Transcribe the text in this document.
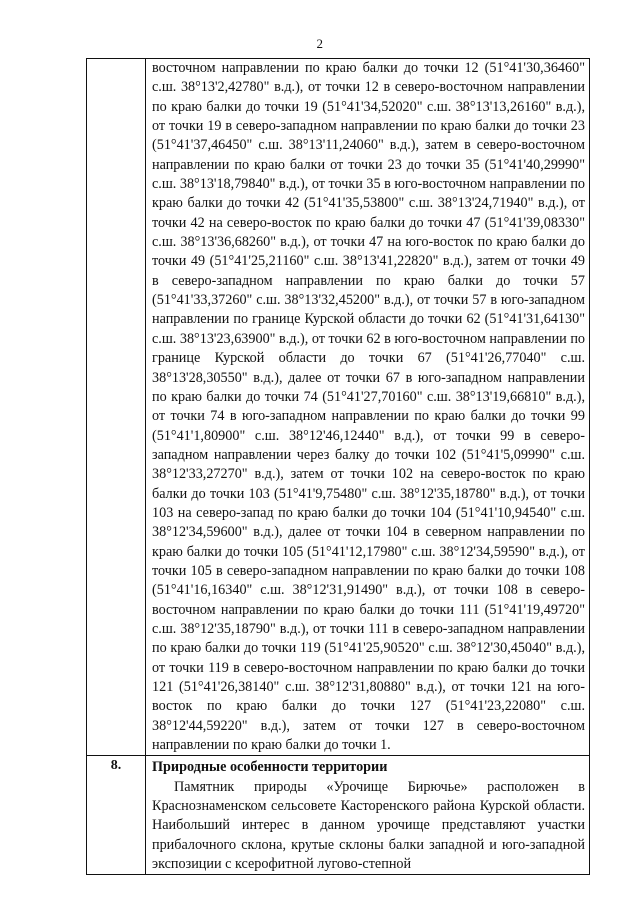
2

	восточном направлении по краю балки до точки 12 (51°41'30,36460" с.ш. 38°13'2,42780" в.д.), от точки 12 в северо-восточном направлении по краю балки до точки 19 (51°41'34,52020" с.ш. 38°13'13,26160" в.д.), от точки 19 в северо-западном направлении по краю балки до точки 23 (51°41'37,46450" с.ш. 38°13'11,24060" в.д.), затем в северо-восточном направлении по краю балки от точки 23 до точки 35 (51°41'40,29990" с.ш. 38°13'18,79840" в.д.), от точки 35 в юго-восточном направлении по краю балки до точки 42 (51°41'35,53800" с.ш. 38°13'24,71940" в.д.), от точки 42 на северо-восток по краю балки до точки 47 (51°41'39,08330" с.ш. 38°13'36,68260" в.д.), от точки 47 на юго-восток по краю балки до точки 49 (51°41'25,21160" с.ш. 38°13'41,22820" в.д.), затем от точки 49 в северо-западном направлении по краю балки до точки 57 (51°41'33,37260" с.ш. 38°13'32,45200" в.д.), от точки 57 в юго-западном направлении по границе Курской области до точки 62 (51°41'31,64130" с.ш. 38°13'23,63900" в.д.), от точки 62 в юго-восточном направлении по границе Курской области до точки 67 (51°41'26,77040" с.ш. 38°13'28,30550" в.д.), далее от точки 67 в юго-западном направлении по краю балки до точки 74 (51°41'27,70160" с.ш. 38°13'19,66810" в.д.), от точки 74 в юго-западном направлении по краю балки до точки 99 (51°41'1,80900" с.ш. 38°12'46,12440" в.д.), от точки 99 в северо-западном направлении через балку до точки 102 (51°41'5,09990" с.ш. 38°12'33,27270" в.д.), затем от точки 102 на северо-восток по краю балки до точки 103 (51°41'9,75480" с.ш. 38°12'35,18780" в.д.), от точки 103 на северо-запад по краю балки до точки 104 (51°41'10,94540" с.ш. 38°12'34,59600" в.д.), далее от точки 104 в северном направлении по краю балки до точки 105 (51°41'12,17980" с.ш. 38°12'34,59590" в.д.), от точки 105 в северо-западном направлении по краю балки до точки 108 (51°41'16,16340" с.ш. 38°12'31,91490" в.д.), от точки 108 в северо-восточном направлении по краю балки до точки 111 (51°41'19,49720" с.ш. 38°12'35,18790" в.д.), от точки 111 в северо-западном направлении по краю балки до точки 119 (51°41'25,90520" с.ш. 38°12'30,45040" в.д.), от точки 119 в северо-восточном направлении по краю балки до точки 121 (51°41'26,38140" с.ш. 38°12'31,80880" в.д.), от точки 121 на юго-восток по краю балки до точки 127 (51°41'23,22080" с.ш. 38°12'44,59220" в.д.), затем от точки 127 в северо-восточном направлении по краю балки до точки 1.

8.	Природные особенности территории

Памятник природы «Урочище Бирючье» расположен в Краснознаменском сельсовете Касторенского района Курской области. Наибольший интерес в данном урочище представляют участки прибалочного склона, крутые склоны балки западной и юго-западной экспозиции с ксерофитной лугово-степной
